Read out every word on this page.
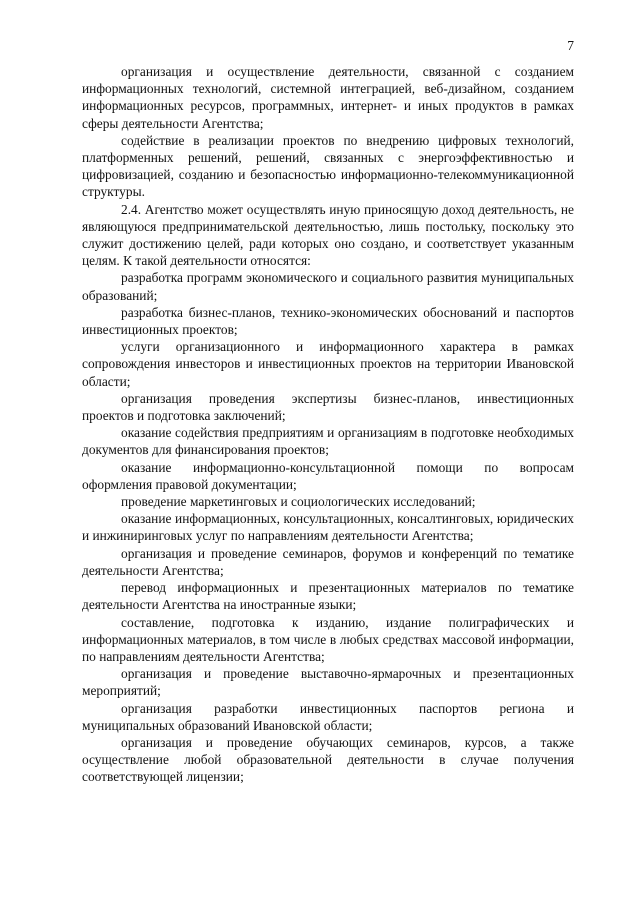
7

организация и осуществление деятельности, связанной с созданием информационных технологий, системной интеграцией, веб-дизайном, созданием информационных ресурсов, программных, интернет- и иных продуктов в рамках сферы деятельности Агентства;

содействие в реализации проектов по внедрению цифровых технологий, платформенных решений, решений, связанных с энергоэффективностью и цифровизацией, созданию и безопасностью информационно-телекоммуникационной структуры.

2.4. Агентство может осуществлять иную приносящую доход деятельность, не являющуюся предпринимательской деятельностью, лишь постольку, поскольку это служит достижению целей, ради которых оно создано, и соответствует указанным целям. К такой деятельности относятся:

разработка программ экономического и социального развития муниципальных образований;

разработка бизнес-планов, технико-экономических обоснований и паспортов инвестиционных проектов;

услуги организационного и информационного характера в рамках сопровождения инвесторов и инвестиционных проектов на территории Ивановской области;

организация проведения экспертизы бизнес-планов, инвестиционных проектов и подготовка заключений;

оказание содействия предприятиям и организациям в подготовке необходимых документов для финансирования проектов;

оказание информационно-консультационной помощи по вопросам оформления правовой документации;

проведение маркетинговых и социологических исследований;

оказание информационных, консультационных, консалтинговых, юридических и инжиниринговых услуг по направлениям деятельности Агентства;

организация и проведение семинаров, форумов и конференций по тематике деятельности Агентства;

перевод информационных и презентационных материалов по тематике деятельности Агентства на иностранные языки;

составление, подготовка к изданию, издание полиграфических и информационных материалов, в том числе в любых средствах массовой информации, по направлениям деятельности Агентства;

организация и проведение выставочно-ярмарочных и презентационных мероприятий;

организация разработки инвестиционных паспортов региона и муниципальных образований Ивановской области;

организация и проведение обучающих семинаров, курсов, а также осуществление любой образовательной деятельности в случае получения соответствующей лицензии;
